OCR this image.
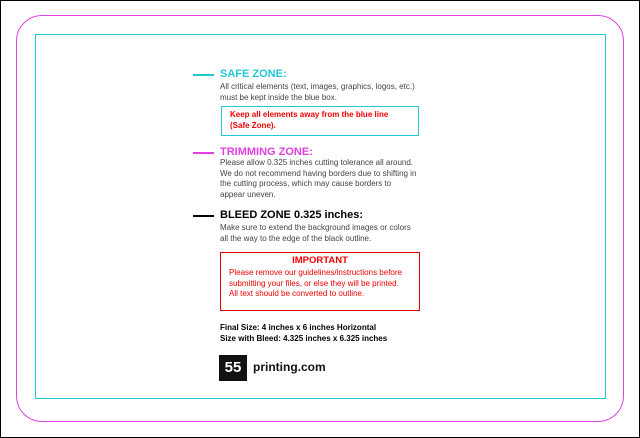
SAFE ZONE:
All critical elements (text, images, graphics, logos, etc.)
must be kept inside the blue box.
Keep all elements away from the blue line
(Safe Zone).
TRIMMING ZONE:
Please allow 0.325 inches cutting tolerance all around.
We do not recommend having borders due to shifting in
the cutting process, which may cause borders to
appear uneven.
BLEED ZONE 0.325 inches:
Make sure to extend the background images or colors
all the way to the edge of the black outline.
IMPORTANT
Please remove our guidelines/instructions before
submitting your files, or else they will be printed.
All text should be converted to outline.
Final Size: 4 inches x 6 inches Horizontal
Size with Bleed: 4.325 inches x 6.325 inches
55 printing.com
